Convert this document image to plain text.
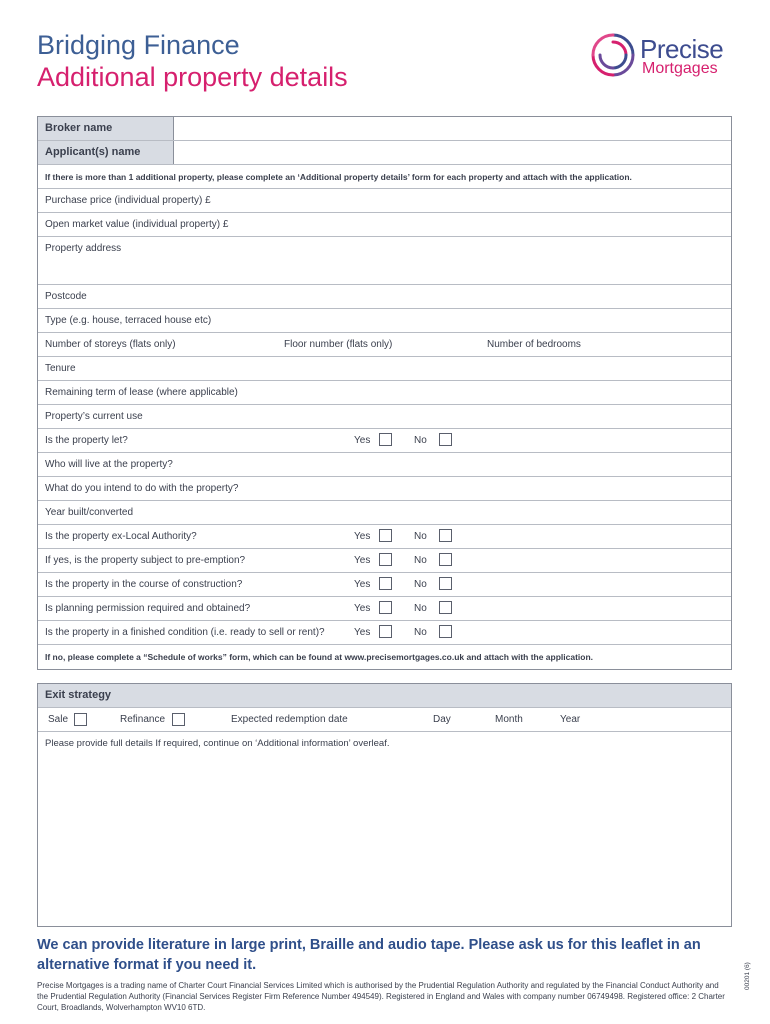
Bridging Finance
Additional property details
Precise
Mortgages
Broker name
Applicant(s) name
If there is more than 1 additional property, please complete an ‘Additional property details’ form for each property and attach with the application.
Purchase price (individual property) £
Open market value (individual property) £
Property address
Postcode
Type (e.g. house, terraced house etc)
Number of storeys (flats only)	Floor number (flats only)	Number of bedrooms
Tenure
Remaining term of lease (where applicable)
Property’s current use
Is the property let?	Yes	No
Who will live at the property?
What do you intend to do with the property?
Year built/converted
Is the property ex-Local Authority?	Yes	No
If yes, is the property subject to pre-emption?	Yes	No
Is the property in the course of construction?	Yes	No
Is planning permission required and obtained?	Yes	No
Is the property in a finished condition (i.e. ready to sell or rent)?	Yes	No
If no, please complete a “Schedule of works” form, which can be found at www.precisemortgages.co.uk and attach with the application.
Exit strategy
Sale	Refinance	Expected redemption date	Day	Month	Year
Please provide full details If required, continue on ‘Additional information’ overleaf.
We can provide literature in large print, Braille and audio tape. Please ask us for this leaflet in an alternative format if you need it.
Precise Mortgages is a trading name of Charter Court Financial Services Limited which is authorised by the Prudential Regulation Authority and regulated by the Financial Conduct Authority and the Prudential Regulation Authority (Financial Services Register Firm Reference Number 494549). Registered in England and Wales with company number 06749498. Registered office: 2 Charter Court, Broadlands, Wolverhampton WV10 6TD.
00201 (6)
